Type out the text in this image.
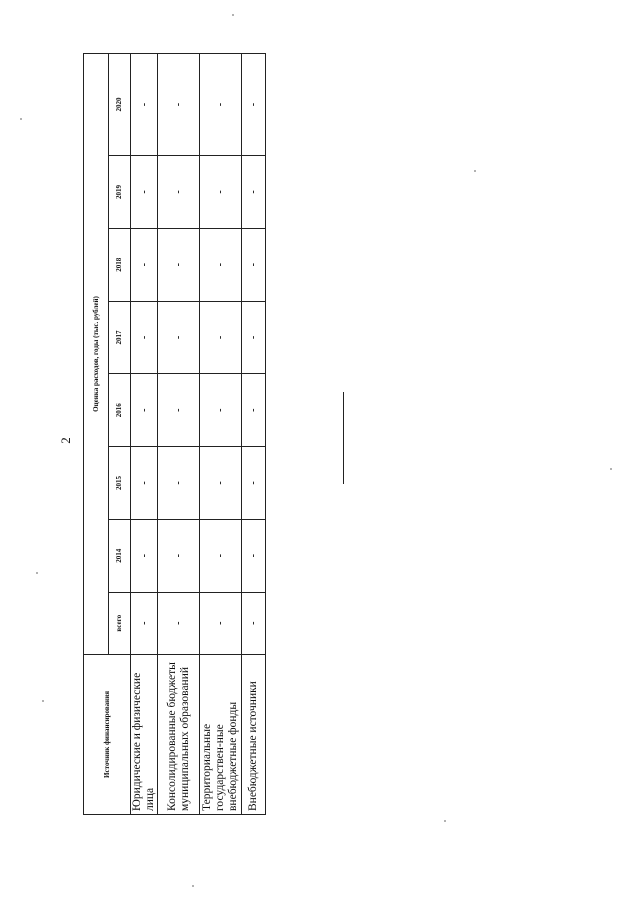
2
Источник финансирования	Оценка расходов, годы (тыс. рублей)							
	всего	2014	2015	2016	2017	2018	2019	2020
Юридические и физические лица	-	-	-	-	-	-	-	-
Консолидированные бюджеты муниципальных образований	-	-	-	-	-	-	-	-
Территориальные государствен-ные внебюджетные фонды	-	-	-	-	-	-	-	-
Внебюджетные источники	-	-	-	-	-	-	-	-
